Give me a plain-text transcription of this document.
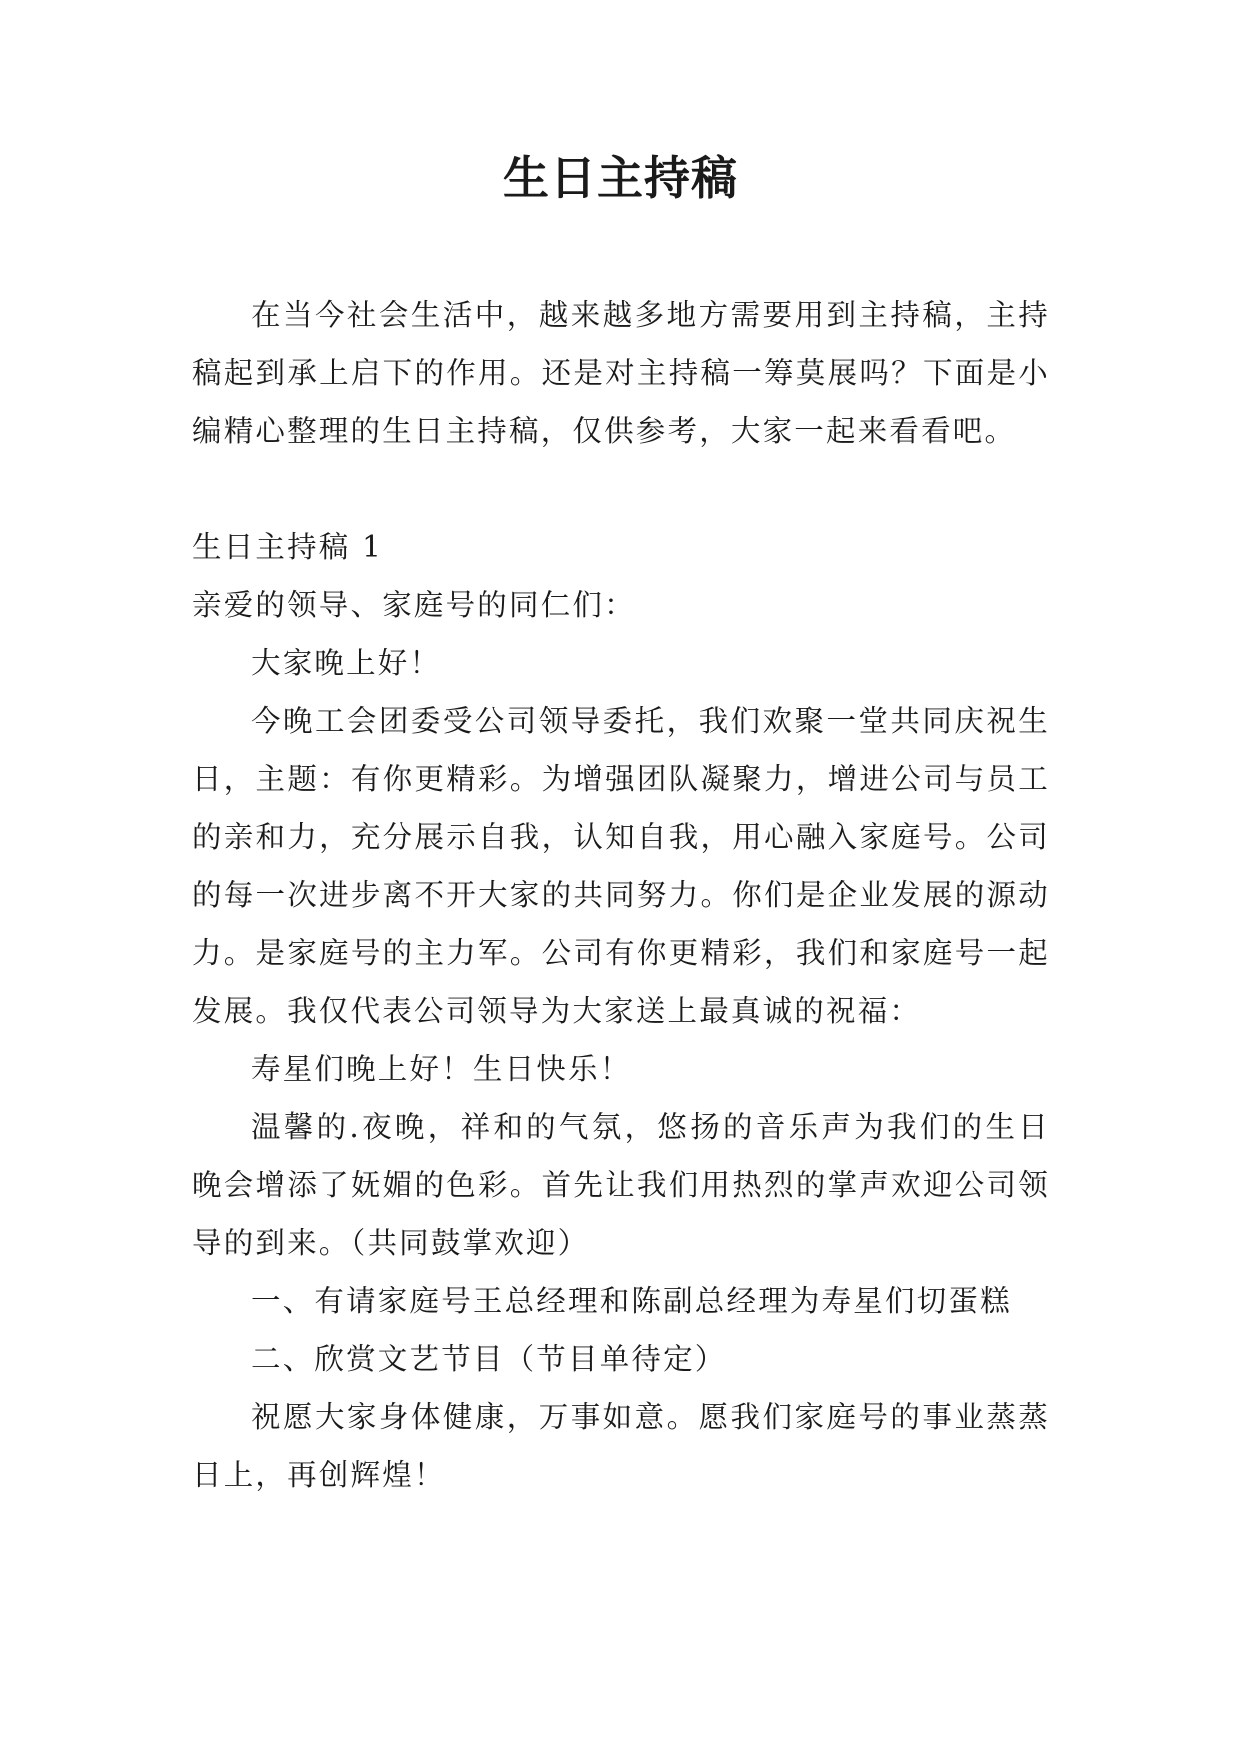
生日主持稿

在当今社会生活中，越来越多地方需要用到主持稿，主持稿起到承上启下的作用。还是对主持稿一筹莫展吗？下面是小编精心整理的生日主持稿，仅供参考，大家一起来看看吧。

生日主持稿 1

亲爱的领导、家庭号的同仁们：

大家晚上好！

今晚工会团委受公司领导委托，我们欢聚一堂共同庆祝生日，主题：有你更精彩。为增强团队凝聚力，增进公司与员工的亲和力，充分展示自我，认知自我，用心融入家庭号。公司的每一次进步离不开大家的共同努力。你们是企业发展的源动力。是家庭号的主力军。公司有你更精彩，我们和家庭号一起发展。我仅代表公司领导为大家送上最真诚的祝福：

寿星们晚上好！生日快乐！

温馨的.夜晚，祥和的气氛，悠扬的音乐声为我们的生日晚会增添了妩媚的色彩。首先让我们用热烈的掌声欢迎公司领导的到来。（共同鼓掌欢迎）

一、有请家庭号王总经理和陈副总经理为寿星们切蛋糕

二、欣赏文艺节目（节目单待定）

祝愿大家身体健康，万事如意。愿我们家庭号的事业蒸蒸日上，再创辉煌！
